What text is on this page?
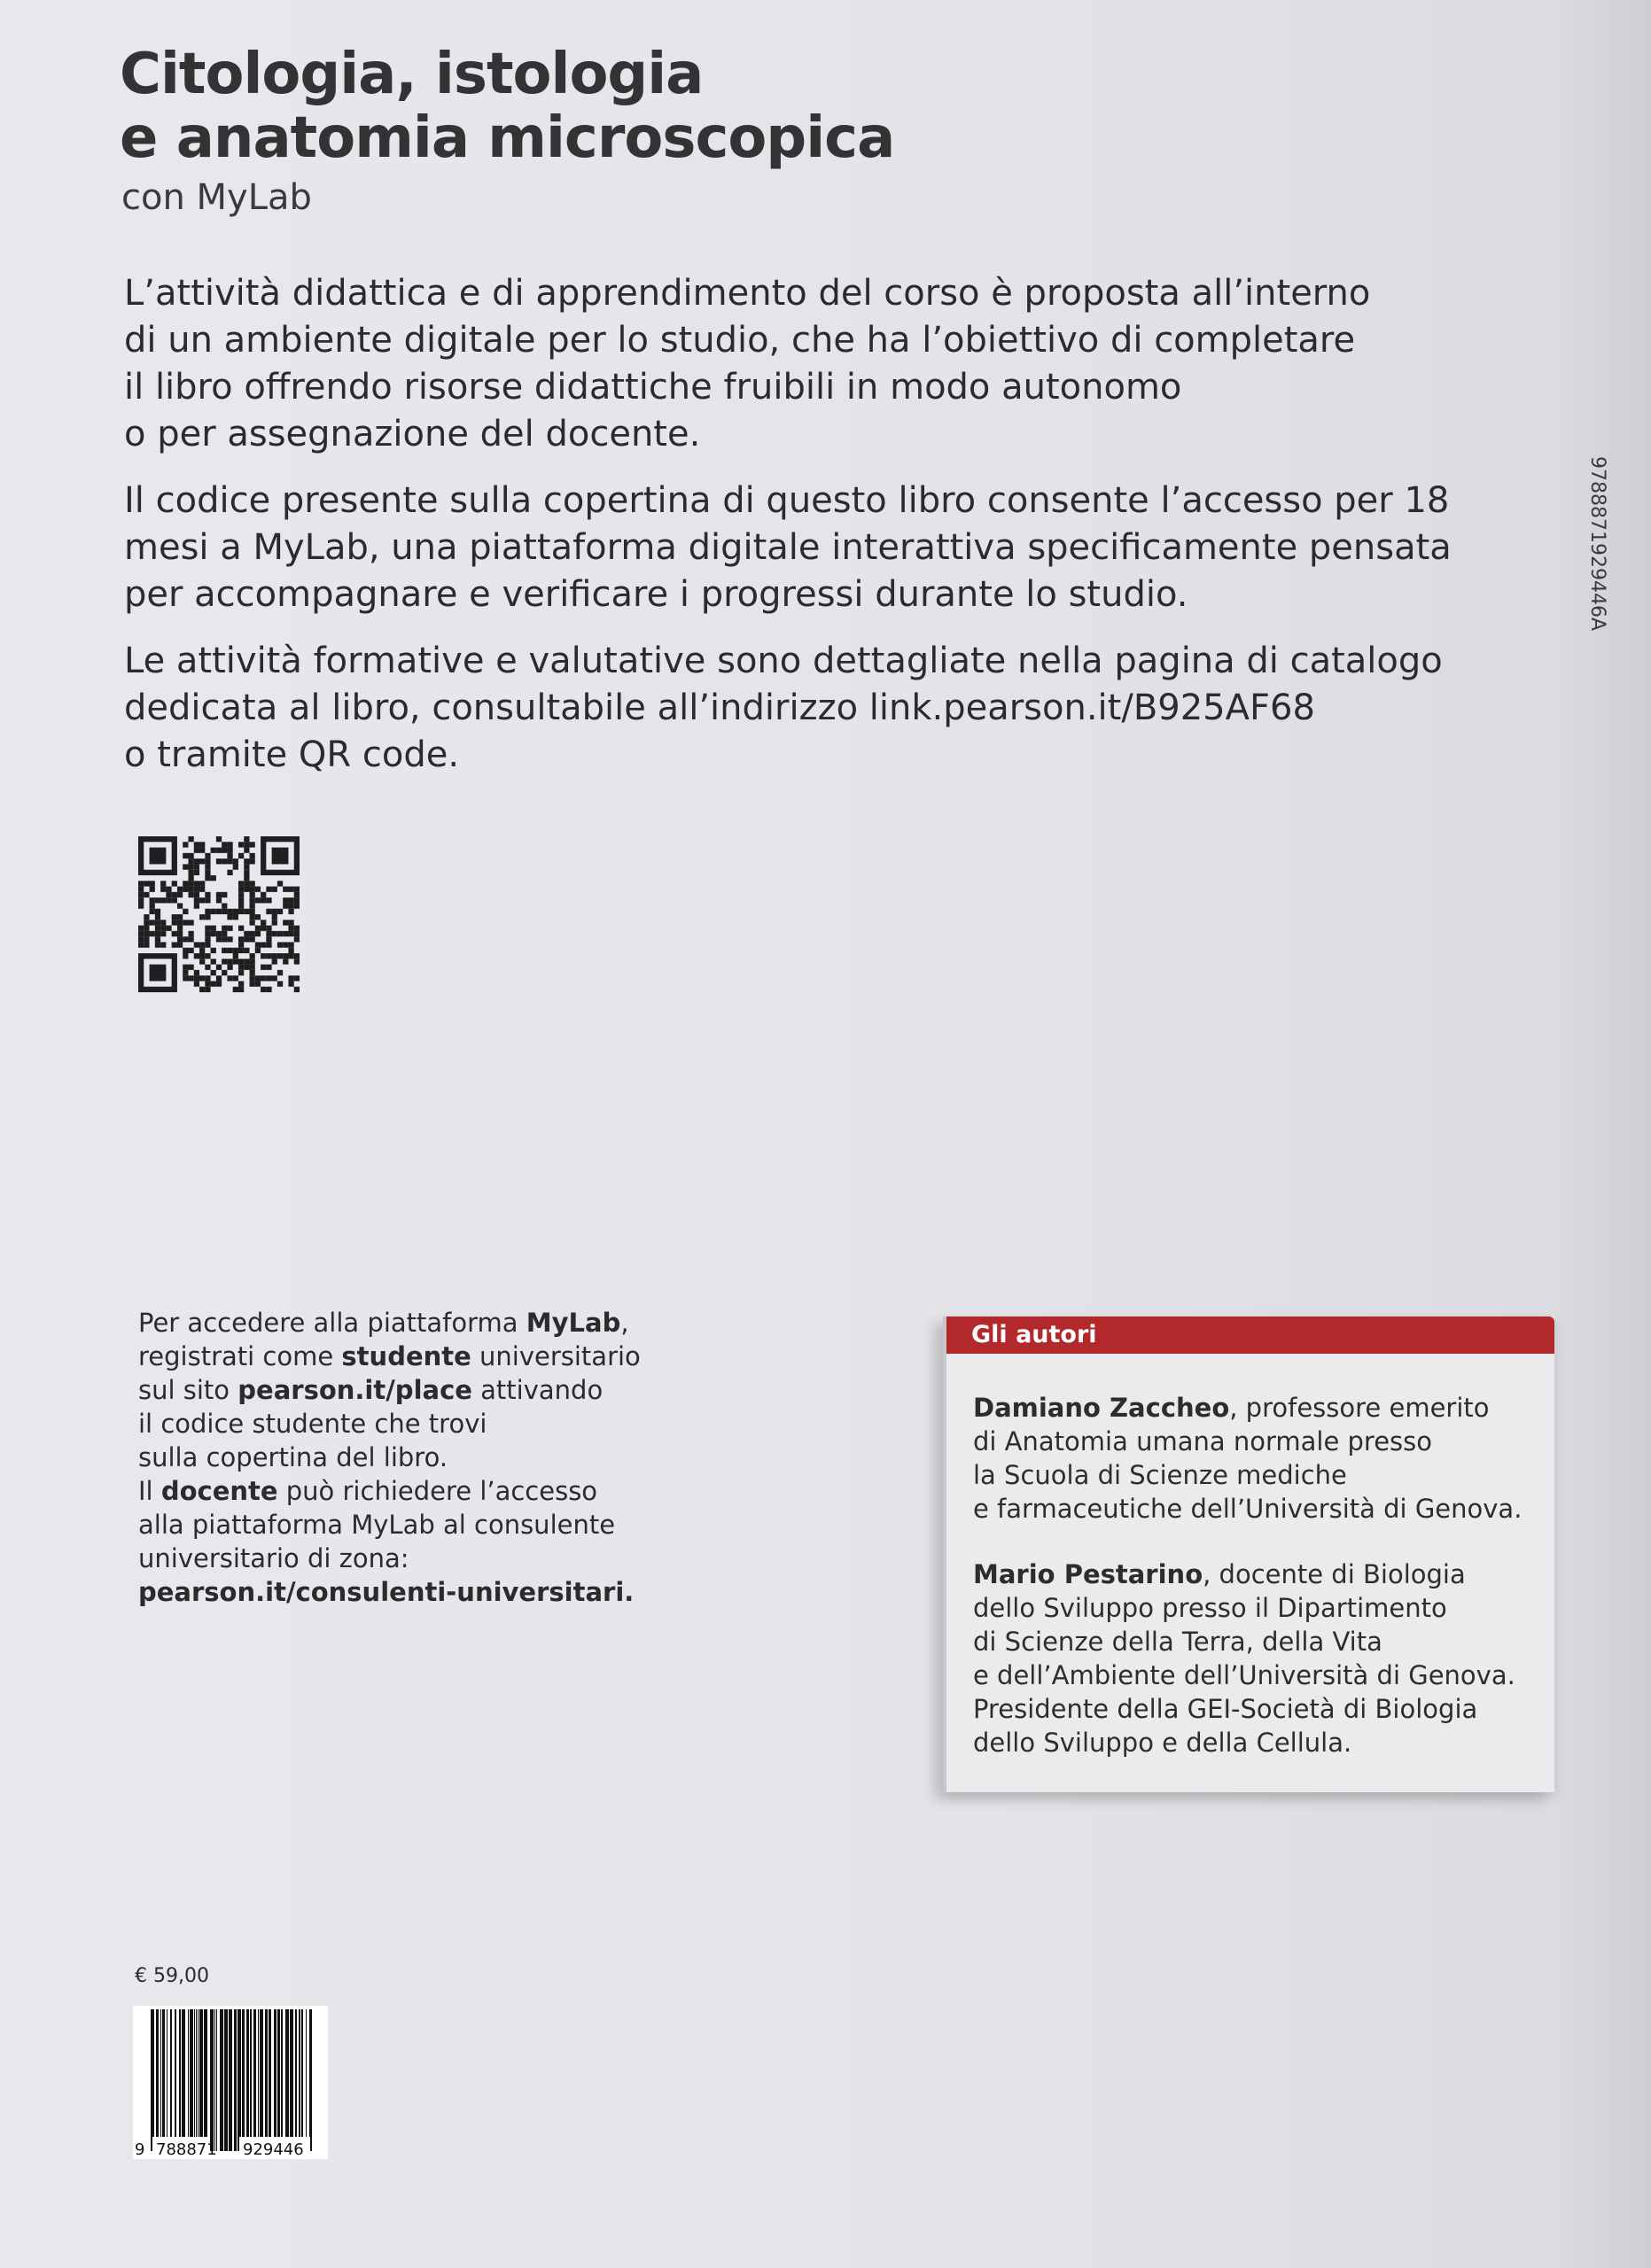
Citologia, istologia
e anatomia microscopica
con MyLab

L’attività didattica e di apprendimento del corso è proposta all’interno
di un ambiente digitale per lo studio, che ha l’obiettivo di completare
il libro offrendo risorse didattiche fruibili in modo autonomo
o per assegnazione del docente.

Il codice presente sulla copertina di questo libro consente l’accesso per 18
mesi a MyLab, una piattaforma digitale interattiva specificamente pensata
per accompagnare e verificare i progressi durante lo studio.

Le attività formative e valutative sono dettagliate nella pagina di catalogo
dedicata al libro, consultabile all’indirizzo link.pearson.it/B925AF68
o tramite QR code.

9788871929446A
Per accedere alla piattaforma MyLab,
registrati come studente universitario
sul sito pearson.it/place attivando
il codice studente che trovi
sulla copertina del libro.
Il docente può richiedere l’accesso
alla piattaforma MyLab al consulente
universitario di zona:
pearson.it/consulenti-universitari.
Gli autori
Damiano Zaccheo, professore emerito
di Anatomia umana normale presso
la Scuola di Scienze mediche
e farmaceutiche dell’Università di Genova.
Mario Pestarino, docente di Biologia
dello Sviluppo presso il Dipartimento
di Scienze della Terra, della Vita
e dell’Ambiente dell’Università di Genova.
Presidente della GEI-Società di Biologia
dello Sviluppo e della Cellula.
€ 59,00
9 788871 929446
